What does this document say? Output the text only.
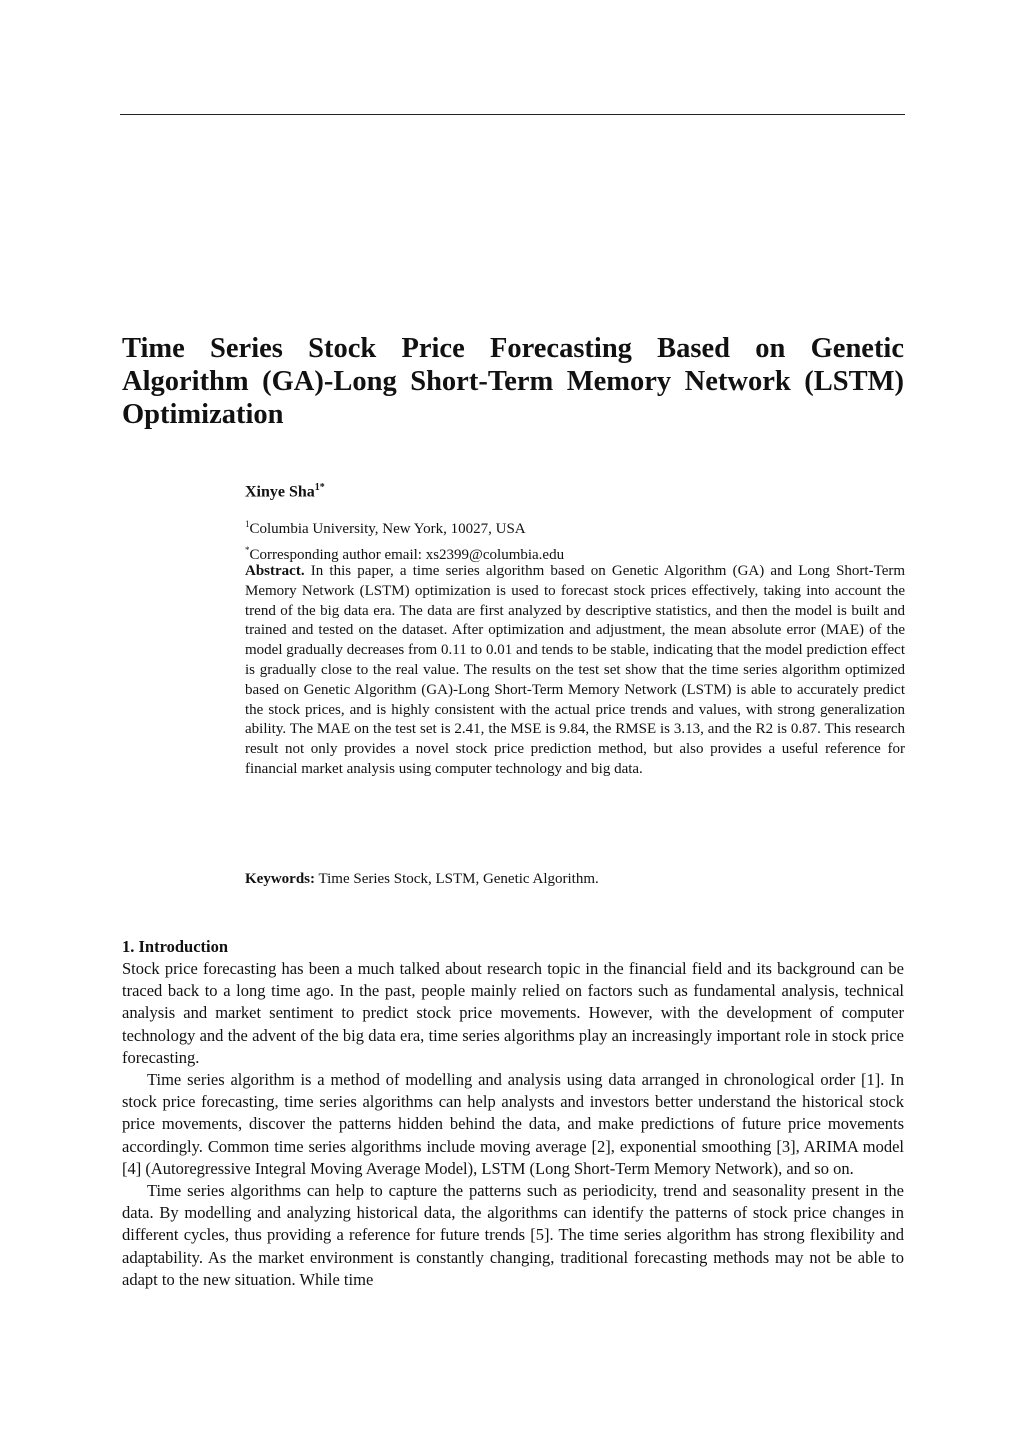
Time Series Stock Price Forecasting Based on Genetic
Algorithm (GA)-Long Short-Term Memory Network (LSTM)
Optimization

Xinye Sha$^{1*}$

$^1$Columbia University, New York, 10027, USA
*Corresponding author email: xs2399@columbia.edu

Abstract. In this paper, a time series algorithm based on Genetic Algorithm (GA) and Long Short-Term Memory Network (LSTM) optimization is used to forecast stock prices effectively, taking into account the trend of the big data era. The data are first analyzed by descriptive statistics, and then the model is built and trained and tested on the dataset. After optimization and adjustment, the mean absolute error (MAE) of the model gradually decreases from 0.11 to 0.01 and tends to be stable, indicating that the model prediction effect is gradually close to the real value. The results on the test set show that the time series algorithm optimized based on Genetic Algorithm (GA)-Long Short-Term Memory Network (LSTM) is able to accurately predict the stock prices, and is highly consistent with the actual price trends and values, with strong generalization ability. The MAE on the test set is 2.41, the MSE is 9.84, the RMSE is 3.13, and the R2 is 0.87. This research result not only provides a novel stock price prediction method, but also provides a useful reference for financial market analysis using computer technology and big data.

Keywords: Time Series Stock, LSTM, Genetic Algorithm.

1. Introduction

Stock price forecasting has been a much talked about research topic in the financial field and its background can be traced back to a long time ago. In the past, people mainly relied on factors such as fundamental analysis, technical analysis and market sentiment to predict stock price movements. However, with the development of computer technology and the advent of the big data era, time series algorithms play an increasingly important role in stock price forecasting.

Time series algorithm is a method of modelling and analysis using data arranged in chronological order [1]. In stock price forecasting, time series algorithms can help analysts and investors better understand the historical stock price movements, discover the patterns hidden behind the data, and make predictions of future price movements accordingly. Common time series algorithms include moving average [2], exponential smoothing [3], ARIMA model [4] (Autoregressive Integral Moving Average Model), LSTM (Long Short-Term Memory Network), and so on.

Time series algorithms can help to capture the patterns such as periodicity, trend and seasonality present in the data. By modelling and analyzing historical data, the algorithms can identify the patterns of stock price changes in different cycles, thus providing a reference for future trends [5]. The time series algorithm has strong flexibility and adaptability. As the market environment is constantly changing, traditional forecasting methods may not be able to adapt to the new situation. While time
